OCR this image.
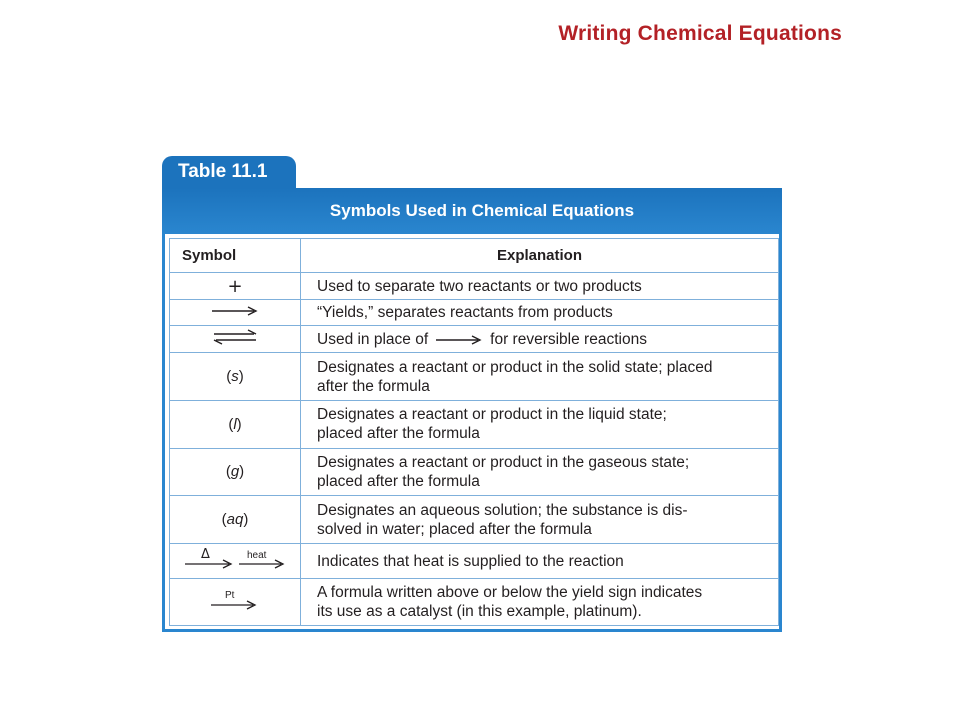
Writing Chemical Equations
Table 11.1
Symbols Used in Chemical Equations
Symbol	Explanation
+	Used to separate two reactants or two products
	“Yields,” separates reactants from products
	Used in place of for reversible reactions
(s)	Designates a reactant or product in the solid state; placed
after the formula

(l)	Designates a reactant or product in the liquid state;
placed after the formula

(g)	Designates a reactant or product in the gaseous state;
placed after the formula

(aq)	Designates an aqueous solution; the substance is dis-
solved in water; placed after the formula

Δ heat	Indicates that heat is supplied to the reaction

Pt	A formula written above or below the yield sign indicates
its use as a catalyst (in this example, platinum).
